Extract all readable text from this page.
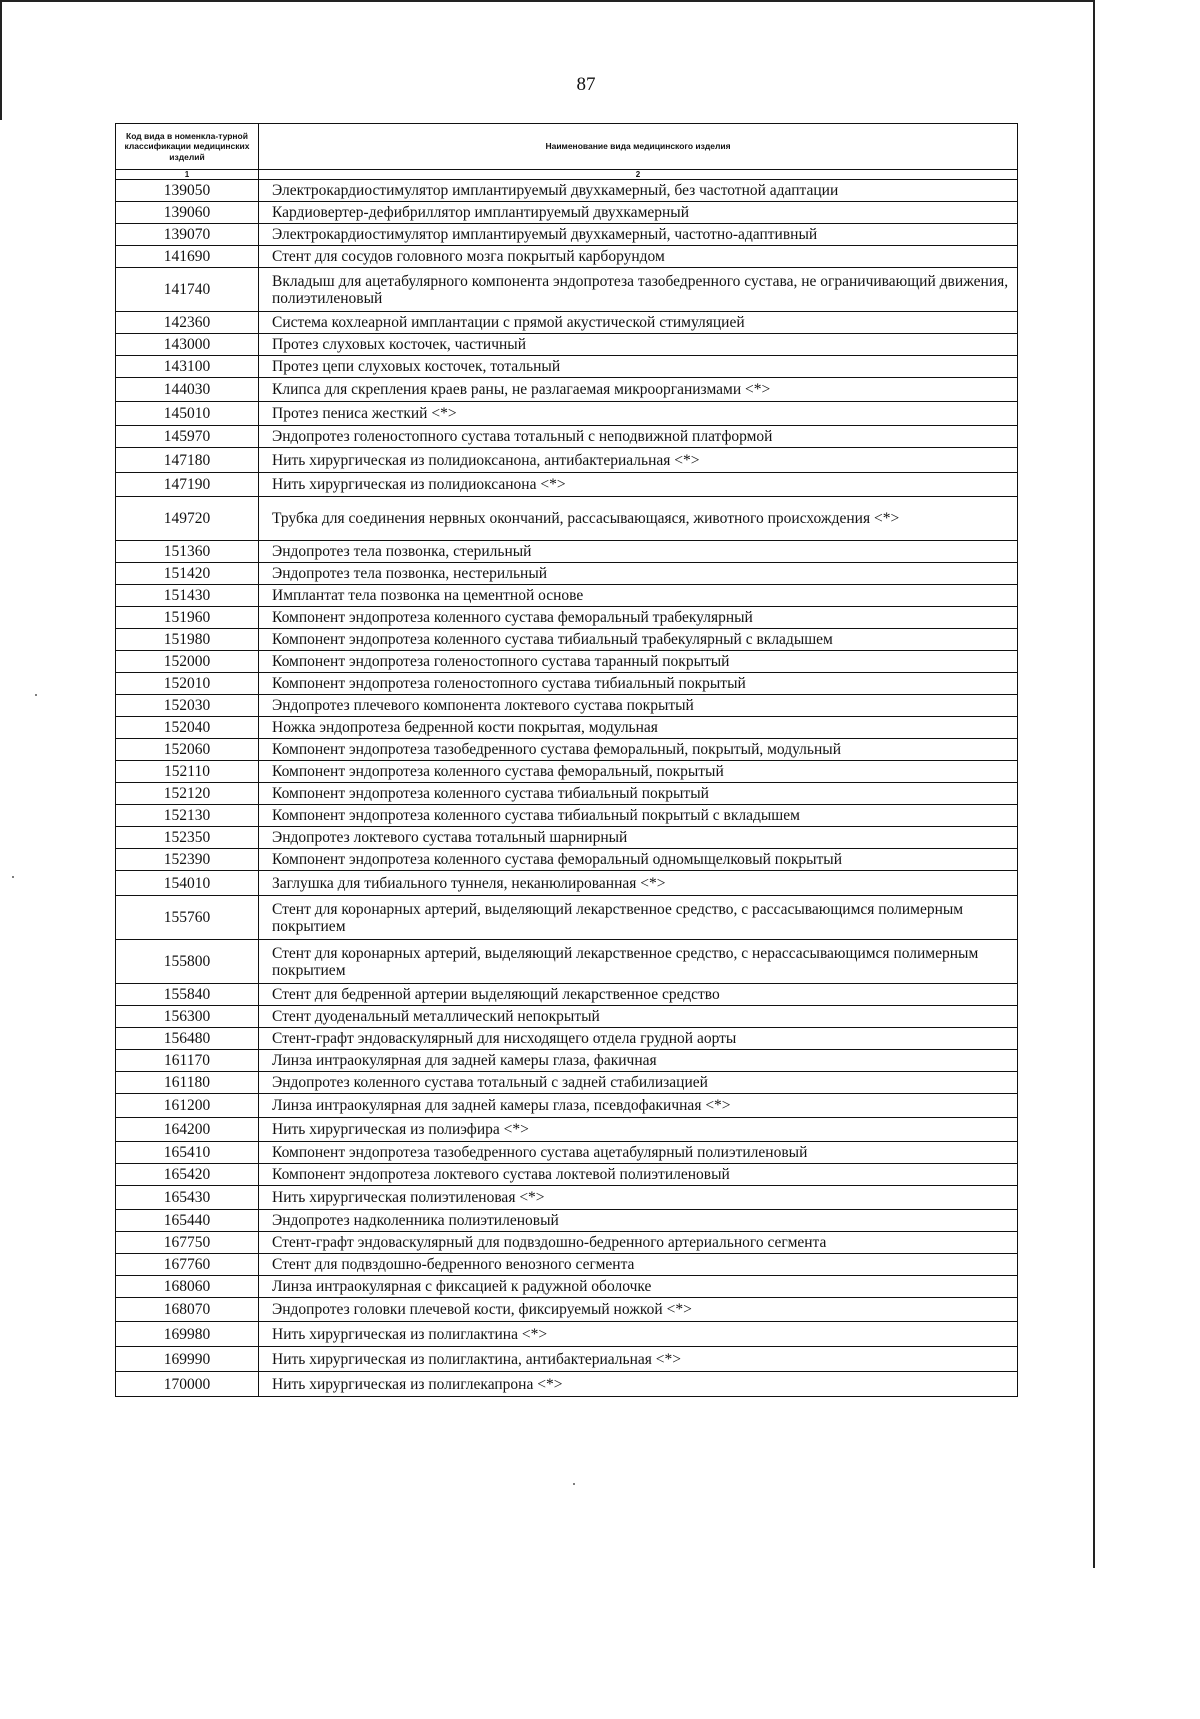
87
Код вида в номенкла-турной классификации медицинских изделий	Наименование вида медицинского изделия
1	2
139050	Электрокардиостимулятор имплантируемый двухкамерный, без частотной адаптации
139060	Кардиовертер-дефибриллятор имплантируемый двухкамерный
139070	Электрокардиостимулятор имплантируемый двухкамерный, частотно-адаптивный
141690	Стент для сосудов головного мозга покрытый карборундом
141740	Вкладыш для ацетабулярного компонента эндопротеза тазобедренного сустава, не ограничивающий движения, полиэтиленовый
142360	Система кохлеарной имплантации с прямой акустической стимуляцией
143000	Протез слуховых косточек, частичный
143100	Протез цепи слуховых косточек, тотальный
144030	Клипса для скрепления краев раны, не разлагаемая микроорганизмами <*>
145010	Протез пениса жесткий <*>
145970	Эндопротез голеностопного сустава тотальный с неподвижной платформой
147180	Нить хирургическая из полидиоксанона, антибактериальная <*>
147190	Нить хирургическая из полидиоксанона <*>
149720	Трубка для соединения нервных окончаний, рассасывающаяся, животного происхождения <*>
151360	Эндопротез тела позвонка, стерильный
151420	Эндопротез тела позвонка, нестерильный
151430	Имплантат тела позвонка на цементной основе
151960	Компонент эндопротеза коленного сустава феморальный трабекулярный
151980	Компонент эндопротеза коленного сустава тибиальный трабекулярный с вкладышем
152000	Компонент эндопротеза голеностопного сустава таранный покрытый
152010	Компонент эндопротеза голеностопного сустава тибиальный покрытый
152030	Эндопротез плечевого компонента локтевого сустава покрытый
152040	Ножка эндопротеза бедренной кости покрытая, модульная
152060	Компонент эндопротеза тазобедренного сустава феморальный, покрытый, модульный
152110	Компонент эндопротеза коленного сустава феморальный, покрытый
152120	Компонент эндопротеза коленного сустава тибиальный покрытый
152130	Компонент эндопротеза коленного сустава тибиальный покрытый с вкладышем
152350	Эндопротез локтевого сустава тотальный шарнирный
152390	Компонент эндопротеза коленного сустава феморальный одномыщелковый покрытый
154010	Заглушка для тибиального туннеля, неканюлированная <*>
155760	Стент для коронарных артерий, выделяющий лекарственное средство, с рассасывающимся полимерным покрытием
155800	Стент для коронарных артерий, выделяющий лекарственное средство, с нерассасывающимся полимерным покрытием
155840	Стент для бедренной артерии выделяющий лекарственное средство
156300	Стент дуоденальный металлический непокрытый
156480	Стент-графт эндоваскулярный для нисходящего отдела грудной аорты
161170	Линза интраокулярная для задней камеры глаза, факичная
161180	Эндопротез коленного сустава тотальный с задней стабилизацией
161200	Линза интраокулярная для задней камеры глаза, псевдофакичная <*>
164200	Нить хирургическая из полиэфира <*>
165410	Компонент эндопротеза тазобедренного сустава ацетабулярный полиэтиленовый
165420	Компонент эндопротеза локтевого сустава локтевой полиэтиленовый
165430	Нить хирургическая полиэтиленовая <*>
165440	Эндопротез надколенника полиэтиленовый
167750	Стент-графт эндоваскулярный для подвздошно-бедренного артериального сегмента
167760	Стент для подвздошно-бедренного венозного сегмента
168060	Линза интраокулярная с фиксацией к радужной оболочке
168070	Эндопротез головки плечевой кости, фиксируемый ножкой <*>
169980	Нить хирургическая из полиглактина <*>
169990	Нить хирургическая из полиглактина, антибактериальная <*>
170000	Нить хирургическая из полиглекапрона <*>
